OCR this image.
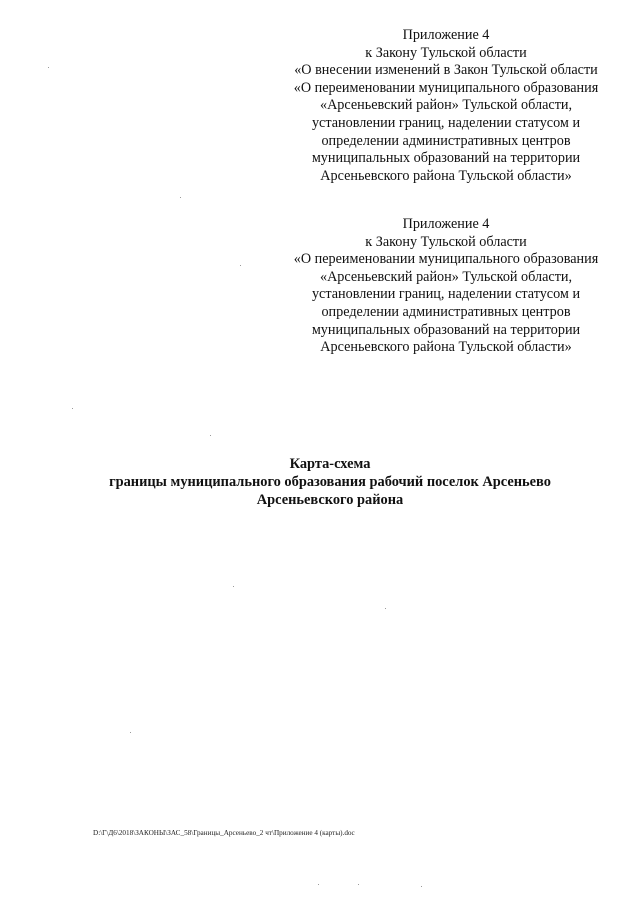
Приложение 4
к Закону Тульской области
«О внесении изменений в Закон Тульской области
«О переименовании муниципального образования
«Арсеньевский район» Тульской области,
установлении границ, наделении статусом и
определении административных центров
муниципальных образований на территории
Арсеньевского района Тульской области»
Приложение 4
к Закону Тульской области
«О переименовании муниципального образования
«Арсеньевский район» Тульской области,
установлении границ, наделении статусом и
определении административных центров
муниципальных образований на территории
Арсеньевского района Тульской области»
Карта-схема
границы муниципального образования рабочий поселок Арсеньево
Арсеньевского района
D:\Г\Д6\2018\ЗАКОНЫ\ЗАС_58\Границы_Арсеньево_2 чт\Приложение 4 (карты).doc
